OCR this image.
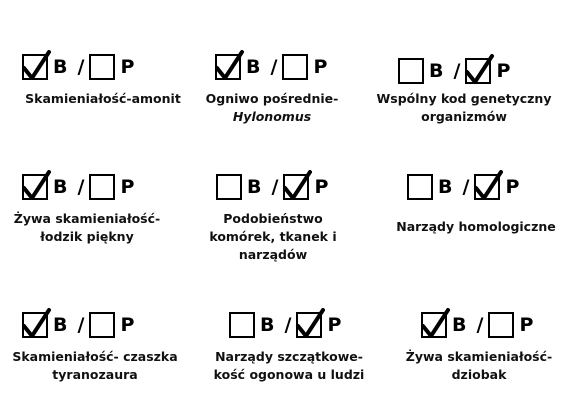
B / P
Skamieniałość-amonit
B / P
Ogniwo pośrednie-
Hylonomus
B / P
Wspólny kod genetyczny
organizmów
B / P
Żywa skamieniałość-
łodzik piękny
B / P
Podobieństwo
komórek, tkanek i
narządów
B / P
Narządy homologiczne
B / P
Skamieniałość- czaszka
tyranozaura
B / P
Narządy szczątkowe-
kość ogonowa u ludzi
B / P
Żywa skamieniałość-
dziobak
